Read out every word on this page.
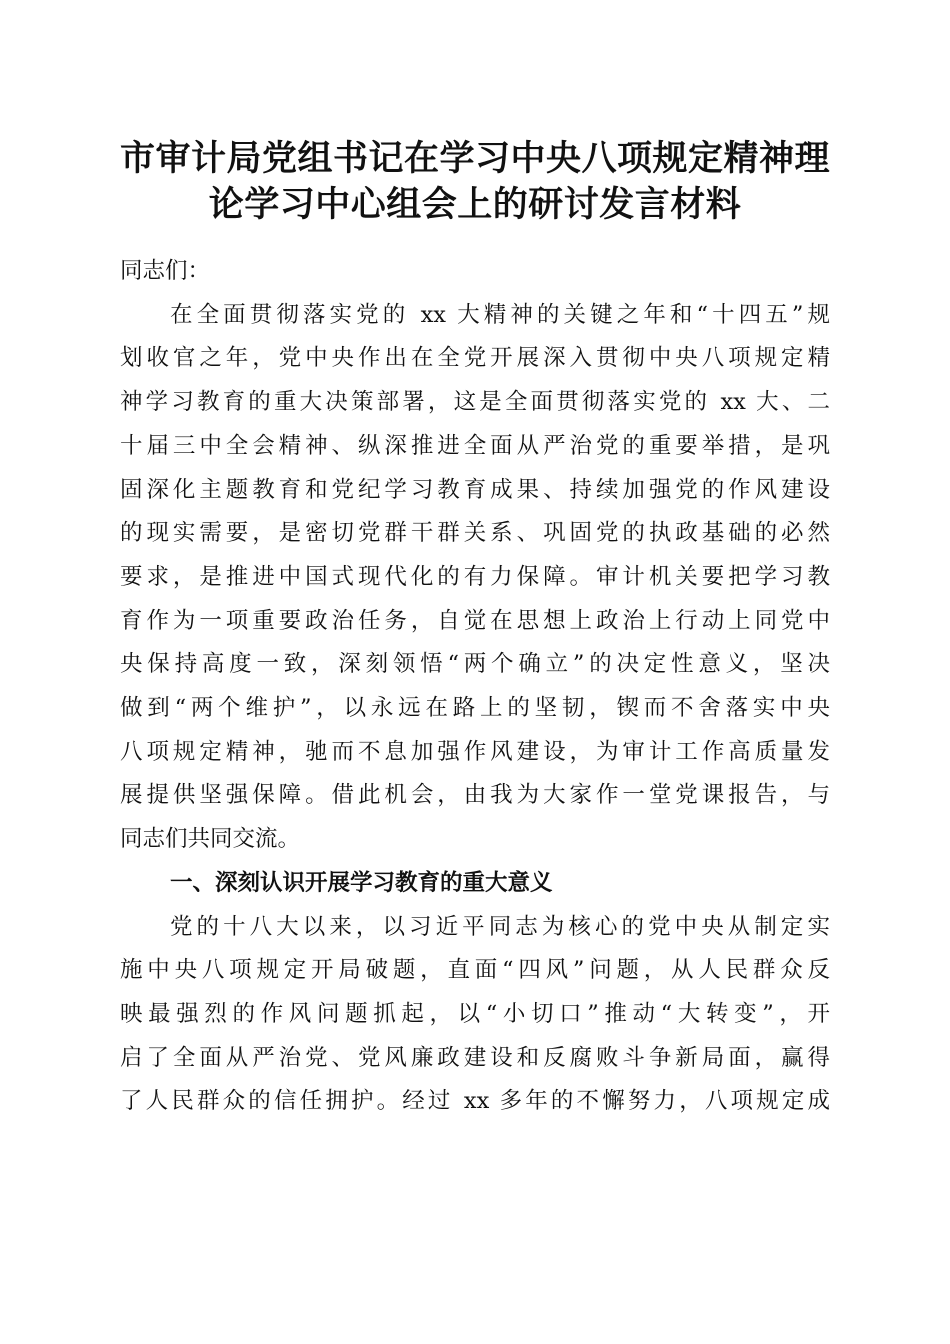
市审计局党组书记在学习中央八项规定精神理
论学习中心组会上的研讨发言材料

同志们：

在全面贯彻落实党的 xx 大精神的关键之年和“十四五”规
划收官之年，党中央作出在全党开展深入贯彻中央八项规定精
神学习教育的重大决策部署，这是全面贯彻落实党的 xx 大、二
十届三中全会精神、纵深推进全面从严治党的重要举措，是巩
固深化主题教育和党纪学习教育成果、持续加强党的作风建设
的现实需要，是密切党群干群关系、巩固党的执政基础的必然
要求，是推进中国式现代化的有力保障。审计机关要把学习教
育作为一项重要政治任务，自觉在思想上政治上行动上同党中
央保持高度一致，深刻领悟“两个确立”的决定性意义，坚决
做到“两个维护”，以永远在路上的坚韧，锲而不舍落实中央
八项规定精神，驰而不息加强作风建设，为审计工作高质量发
展提供坚强保障。借此机会，由我为大家作一堂党课报告，与
同志们共同交流。
一、深刻认识开展学习教育的重大意义
党的十八大以来，以习近平同志为核心的党中央从制定实
施中央八项规定开局破题，直面“四风”问题，从人民群众反
映最强烈的作风问题抓起，以“小切口”推动“大转变”，开
启了全面从严治党、党风廉政建设和反腐败斗争新局面，赢得
了人民群众的信任拥护。经过 xx 多年的不懈努力，八项规定成
